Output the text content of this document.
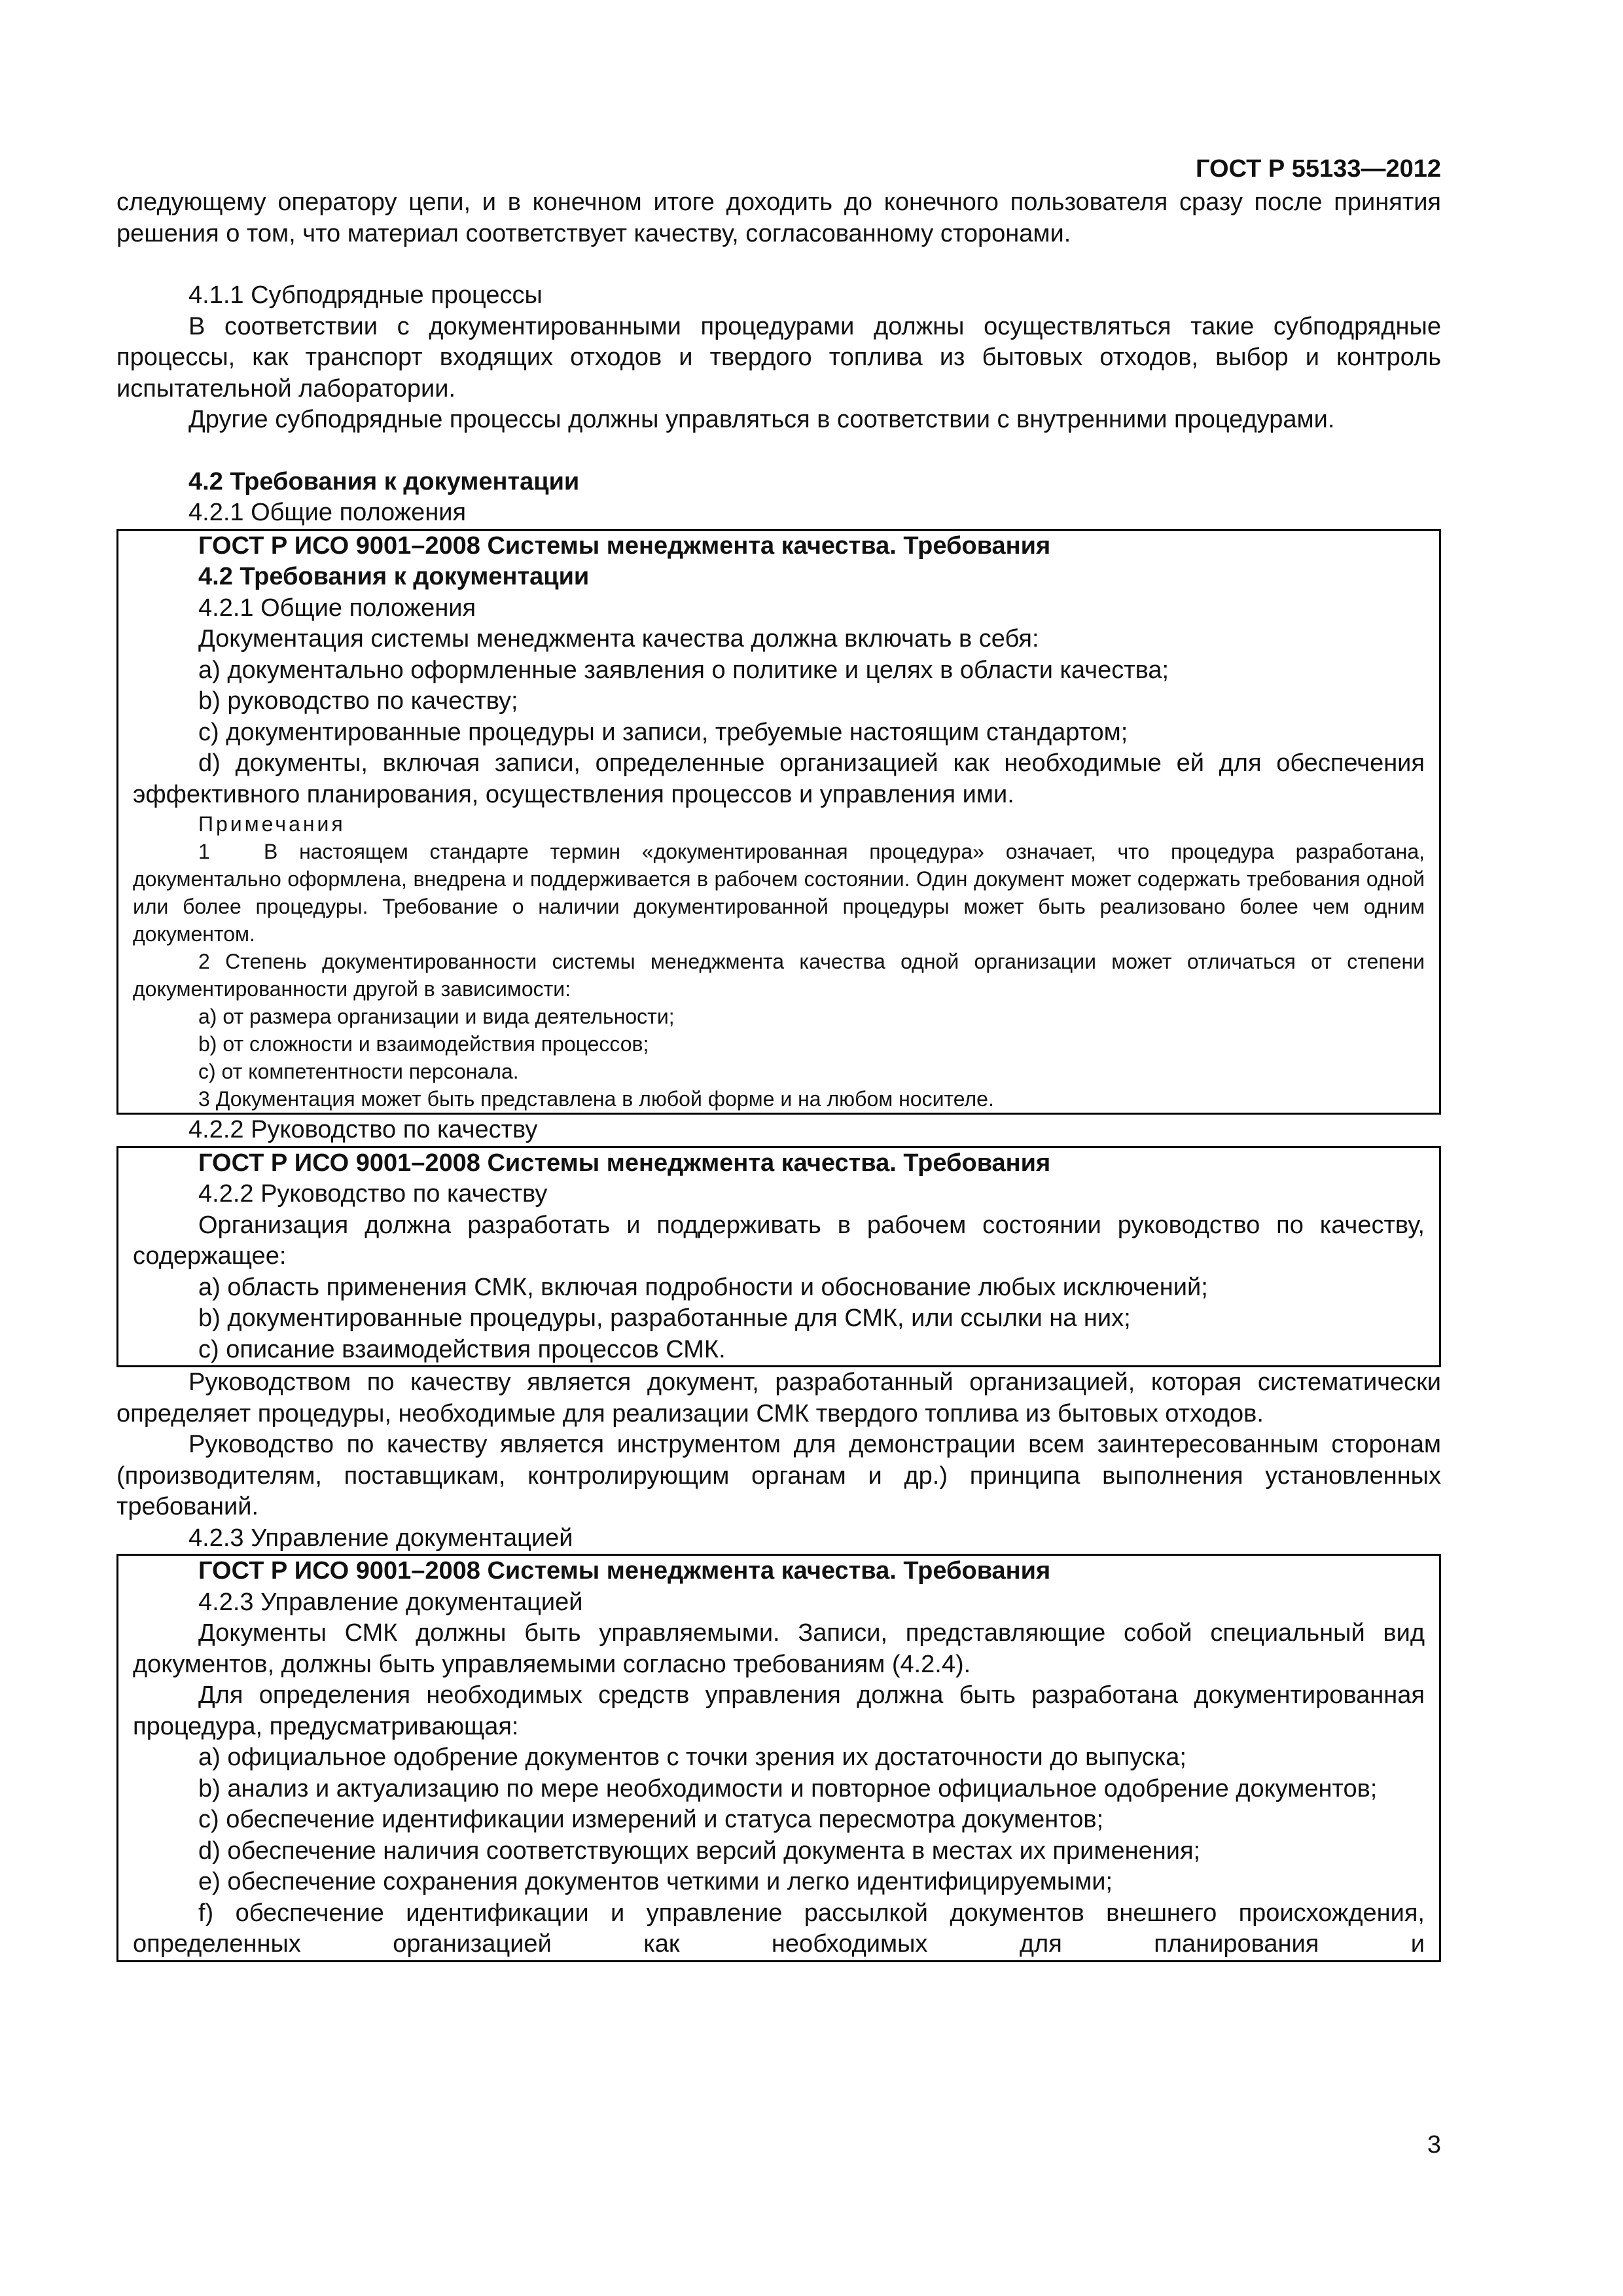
ГОСТ Р 55133—2012

следующему оператору цепи, и в конечном итоге доходить до конечного пользователя сразу после принятия решения о том, что материал соответствует качеству, согласованному сторонами.

4.1.1 Субподрядные процессы

В соответствии с документированными процедурами должны осуществляться такие субподрядные процессы, как транспорт входящих отходов и твердого топлива из бытовых отходов, выбор и контроль испытательной лаборатории.

Другие субподрядные процессы должны управляться в соответствии с внутренними процедурами.

4.2 Требования к документации

4.2.1 Общие положения

ГОСТ Р ИСО 9001–2008 Системы менеджмента качества. Требования

4.2 Требования к документации

4.2.1 Общие положения

Документация системы менеджмента качества должна включать в себя:

a) документально оформленные заявления о политике и целях в области качества;

b) руководство по качеству;

c) документированные процедуры и записи, требуемые настоящим стандартом;

d) документы, включая записи, определенные организацией как необходимые ей для обеспечения эффективного планирования, осуществления процессов и управления ими.

Примечания

1	В настоящем стандарте термин «документированная процедура» означает, что процедура разработана, документально оформлена, внедрена и поддерживается в рабочем состоянии. Один документ может содержать требования одной или более процедуры. Требование о наличии документированной процедуры может быть реализовано более чем одним документом.

2 Степень документированности системы менеджмента качества одной организации может отличаться от степени документированности другой в зависимости:

a) от размера организации и вида деятельности;

b) от сложности и взаимодействия процессов;

c) от компетентности персонала.

3 Документация может быть представлена в любой форме и на любом носителе.

4.2.2 Руководство по качеству

ГОСТ Р ИСО 9001–2008 Системы менеджмента качества. Требования

4.2.2 Руководство по качеству

Организация должна разработать и поддерживать в рабочем состоянии руководство по качеству, содержащее:

a) область применения СМК, включая подробности и обоснование любых исключений;

b) документированные процедуры, разработанные для СМК, или ссылки на них;

c) описание взаимодействия процессов СМК.

Руководством по качеству является документ, разработанный организацией, которая систематически определяет процедуры, необходимые для реализации СМК твердого топлива из бытовых отходов.

Руководство по качеству является инструментом для демонстрации всем заинтересованным сторонам (производителям, поставщикам, контролирующим органам и др.) принципа выполнения установленных требований.

4.2.3 Управление документацией

ГОСТ Р ИСО 9001–2008 Системы менеджмента качества. Требования

4.2.3 Управление документацией

Документы СМК должны быть управляемыми. Записи, представляющие собой специальный вид документов, должны быть управляемыми согласно требованиям (4.2.4).

Для определения необходимых средств управления должна быть разработана документированная процедура, предусматривающая:

a) официальное одобрение документов с точки зрения их достаточности до выпуска;

b) анализ и актуализацию по мере необходимости и повторное официальное одобрение документов;

c) обеспечение идентификации измерений и статуса пересмотра документов;

d) обеспечение наличия соответствующих версий документа в местах их применения;

e) обеспечение сохранения документов четкими и легко идентифицируемыми;

f) обеспечение идентификации и управление рассылкой документов внешнего происхождения, определенных организацией как необходимых для планирования и

3
